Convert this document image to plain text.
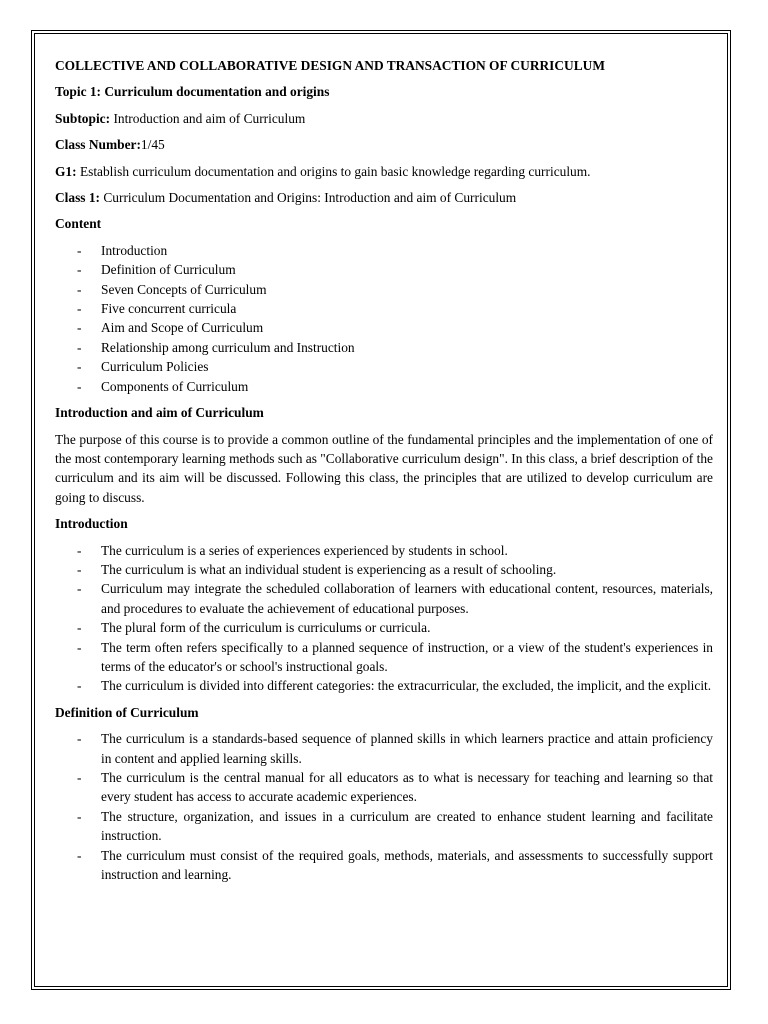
COLLECTIVE AND COLLABORATIVE DESIGN AND TRANSACTION OF CURRICULUM
Topic 1: Curriculum documentation and origins
Subtopic: Introduction and aim of Curriculum
Class Number:1/45
G1: Establish curriculum documentation and origins to gain basic knowledge regarding curriculum.
Class 1: Curriculum Documentation and Origins: Introduction and aim of Curriculum
Content
- Introduction
- Definition of Curriculum
- Seven Concepts of Curriculum
- Five concurrent curricula
- Aim and Scope of Curriculum
- Relationship among curriculum and Instruction
- Curriculum Policies
- Components of Curriculum
Introduction and aim of Curriculum

The purpose of this course is to provide a common outline of the fundamental principles and the implementation of one of the most contemporary learning methods such as "Collaborative curriculum design". In this class, a brief description of the curriculum and its aim will be discussed. Following this class, the principles that are utilized to develop curriculum are going to discuss.

Introduction
- The curriculum is a series of experiences experienced by students in school.
- The curriculum is what an individual student is experiencing as a result of schooling.
- Curriculum may integrate the scheduled collaboration of learners with educational content, resources, materials, and procedures to evaluate the achievement of educational purposes.
- The plural form of the curriculum is curriculums or curricula.
- The term often refers specifically to a planned sequence of instruction, or a view of the student's experiences in terms of the educator's or school's instructional goals.
- The curriculum is divided into different categories: the extracurricular, the excluded, the implicit, and the explicit.
Definition of Curriculum
- The curriculum is a standards-based sequence of planned skills in which learners practice and attain proficiency in content and applied learning skills.
- The curriculum is the central manual for all educators as to what is necessary for teaching and learning so that every student has access to accurate academic experiences.
- The structure, organization, and issues in a curriculum are created to enhance student learning and facilitate instruction.
- The curriculum must consist of the required goals, methods, materials, and assessments to successfully support instruction and learning.
